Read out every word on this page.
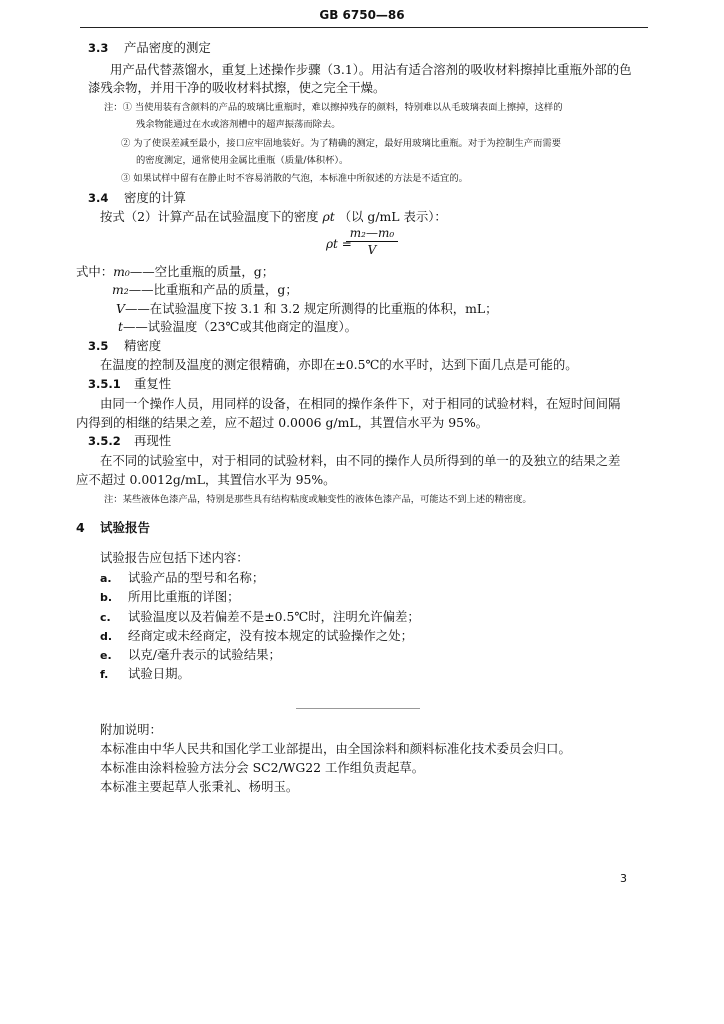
GB 6750—86
3.3 产品密度的测定
用产品代替蒸馏水，重复上述操作步骤（3.1）。用沾有适合溶剂的吸收材料擦掉比重瓶外部的色
漆残余物，并用干净的吸收材料拭擦，使之完全干燥。
注：① 当使用装有含颜料的产品的玻璃比重瓶时，难以擦掉残存的颜料，特别难以从毛玻璃表面上擦掉，这样的
残余物能通过在水或溶剂槽中的超声振荡而除去。
② 为了使误差减至最小，接口应牢固地装好。为了精确的测定，最好用玻璃比重瓶。对于为控制生产而需要
的密度测定，通常使用金属比重瓶（质量/体积杯）。
③ 如果试样中留有在静止时不容易消散的气泡，本标准中所叙述的方法是不适宜的。
3.4 密度的计算
按式（2）计算产品在试验温度下的密度 ρt （以 g/mL 表示）：
ρt =
m₂—m₀
V
式中：m₀——空比重瓶的质量，g；
m₂——比重瓶和产品的质量，g；
V——在试验温度下按 3.1 和 3.2 规定所测得的比重瓶的体积，mL；
t——试验温度（23℃或其他商定的温度）。
3.5 精密度
在温度的控制及温度的测定很精确，亦即在±0.5℃的水平时，达到下面几点是可能的。
3.5.1 重复性
由同一个操作人员，用同样的设备，在相同的操作条件下，对于相同的试验材料，在短时间间隔
内得到的相继的结果之差，应不超过 0.0006 g/mL，其置信水平为 95%。
3.5.2 再现性
在不同的试验室中，对于相同的试验材料，由不同的操作人员所得到的单一的及独立的结果之差
应不超过 0.0012g/mL，其置信水平为 95%。
注：某些液体色漆产品，特别是那些具有结构粘度或触变性的液体色漆产品，可能达不到上述的精密度。
4 试验报告
试验报告应包括下述内容：
a. 试验产品的型号和名称；
b. 所用比重瓶的详图；
c. 试验温度以及若偏差不是±0.5℃时，注明允许偏差；
d. 经商定或未经商定，没有按本规定的试验操作之处；
e. 以克/毫升表示的试验结果；
f. 试验日期。
附加说明：
本标准由中华人民共和国化学工业部提出，由全国涂料和颜料标准化技术委员会归口。
本标准由涂料检验方法分会 SC2/WG22 工作组负责起草。
本标准主要起草人张秉礼、杨明玉。
3
